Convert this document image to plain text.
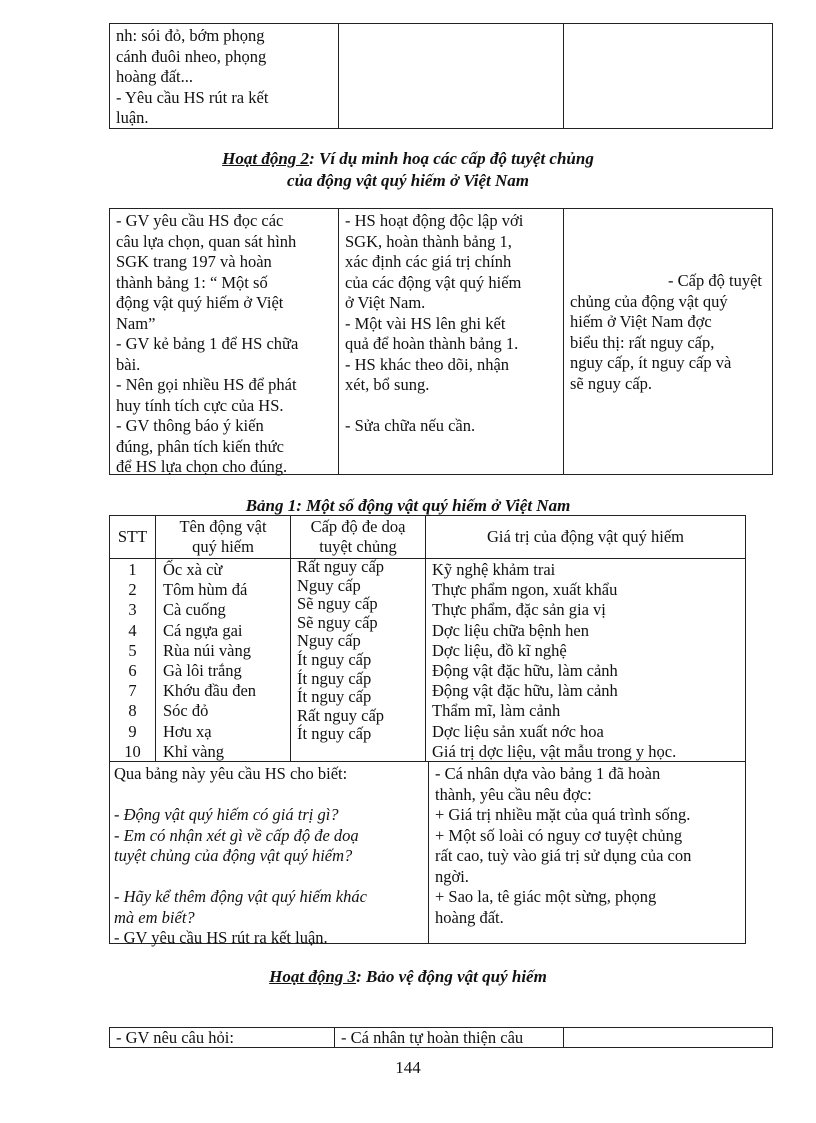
nh: sói đỏ, bớm phọng
cánh đuôi nheo, phọng
hoàng đất...
- Yêu cầu HS rút ra kết
luận.
Hoạt động 2: Ví dụ minh hoạ các cấp độ tuyệt chủng
của động vật quý hiếm ở Việt Nam
- GV yêu cầu HS đọc các
câu lựa chọn, quan sát hình
SGK trang 197 và hoàn
thành bảng 1: “ Một số
động vật quý hiếm ở Việt
Nam”
- GV kẻ bảng 1 để HS chữa
bài.
- Nên gọi nhiều HS để phát
huy tính tích cực của HS.
- GV thông báo ý kiến
đúng, phân tích kiến thức
để HS lựa chọn cho đúng.
- HS hoạt động độc lập với
SGK, hoàn thành bảng 1,
xác định các giá trị chính
của các động vật quý hiếm
ở Việt Nam.
- Một vài HS lên ghi kết
quả để hoàn thành bảng 1.
- HS khác theo dõi, nhận
xét, bổ sung.

- Sửa chữa nếu cần.
- Cấp độ tuyệt
chủng của động vật quý
hiếm ở Việt Nam đợc
biểu thị: rất nguy cấp,
nguy cấp, ít nguy cấp và
sẽ nguy cấp.
Bảng 1: Một số động vật quý hiếm ở Việt Nam
STT
Tên động vật
quý hiếm
Cấp độ đe doạ
tuyệt chủng
Giá trị của động vật quý hiếm
1
2
3
4
5
6
7
8
9
10
Ốc xà cừ
Tôm hùm đá
Cà cuống
Cá ngựa gai
Rùa núi vàng
Gà lôi trắng
Khớu đầu đen
Sóc đỏ
Hơu xạ
Khỉ vàng
Rất nguy cấp
Nguy cấp
Sẽ nguy cấp
Sẽ nguy cấp
Nguy cấp
Ít nguy cấp
Ít nguy cấp
Ít nguy cấp
Rất nguy cấp
Ít nguy cấp
Kỹ nghệ khảm trai
Thực phẩm ngon, xuất khẩu
Thực phẩm, đặc sản gia vị
Dợc liệu chữa bệnh hen
Dợc liệu, đồ kĩ nghệ
Động vật đặc hữu, làm cảnh
Động vật đặc hữu, làm cảnh
Thẩm mĩ, làm cảnh
Dợc liệu sản xuất nớc hoa
Giá trị dợc liệu, vật mẫu trong y học.
Qua bảng này yêu cầu HS cho biết:

- Động vật quý hiếm có giá trị gì?
- Em có nhận xét gì về cấp độ đe doạ
tuyệt chủng của động vật quý hiếm?

- Hãy kể thêm động vật quý hiếm khác
mà em biết?
- GV yêu cầu HS rút ra kết luận.
- Cá nhân dựa vào bảng 1 đã hoàn
thành, yêu cầu nêu đợc:
+ Giá trị nhiều mặt của quá trình sống.
+ Một số loài có nguy cơ tuyệt chủng
rất cao, tuỳ vào giá trị sử dụng của con
ngời.
+ Sao la, tê giác một sừng, phọng
hoàng đất.
Hoạt động 3: Bảo vệ động vật quý hiếm
- GV nêu câu hỏi:	- Cá nhân tự hoàn thiện câu
144
